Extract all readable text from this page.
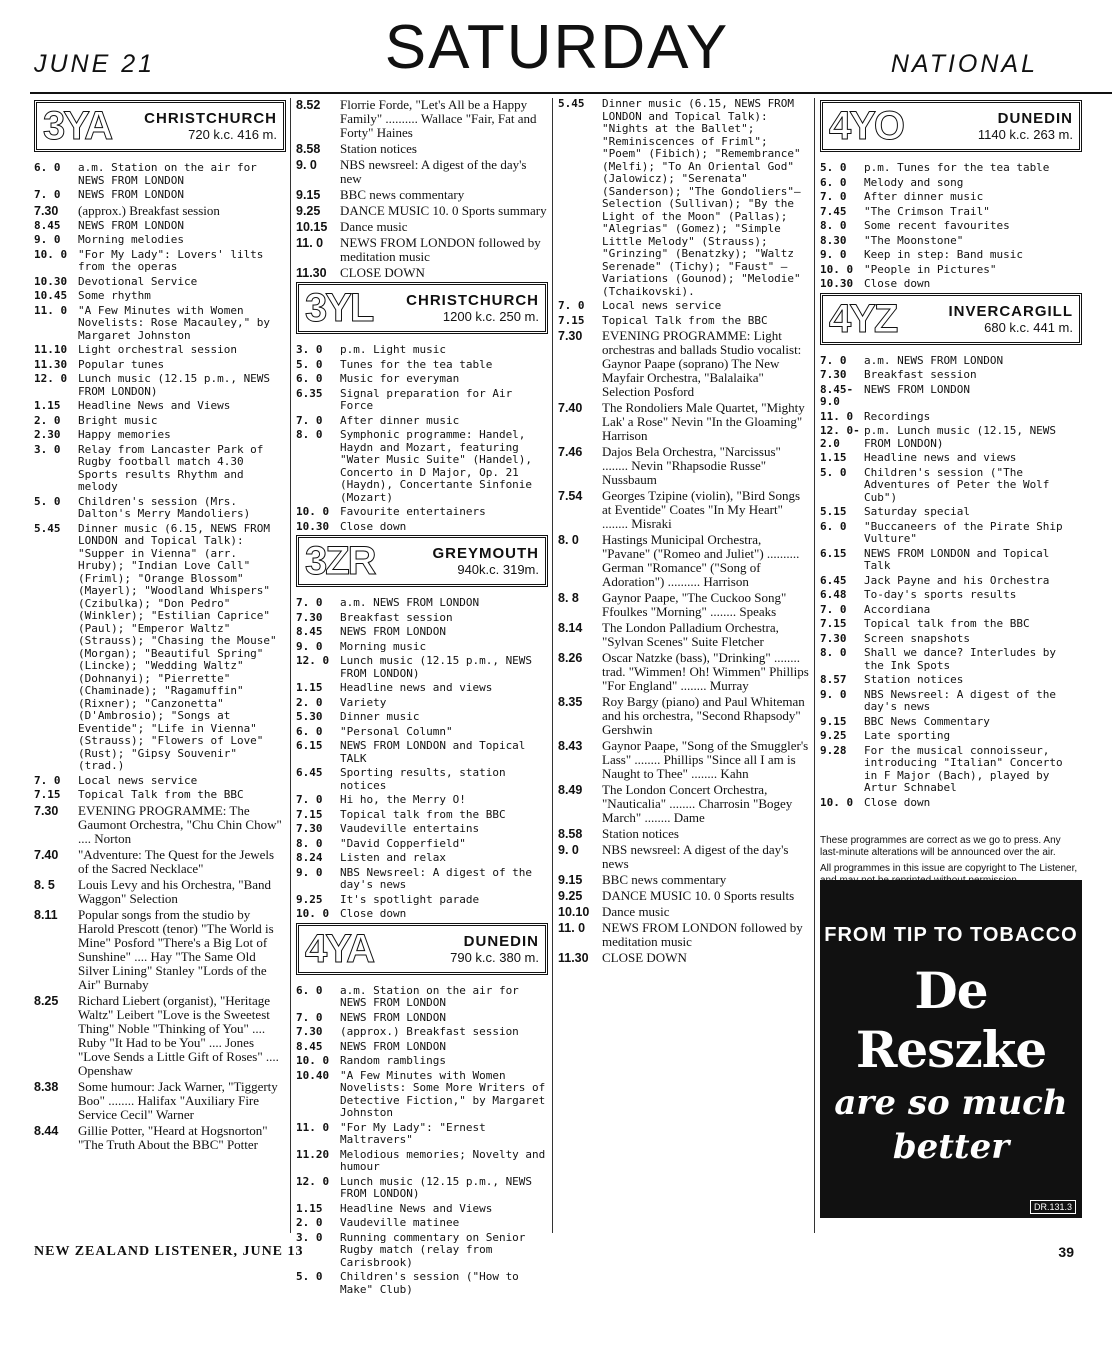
JUNE 21	SATURDAY	NATIONAL
3YA CHRISTCHURCH
720 k.c. 416 m.
6. 0	a.m. Station on the air for NEWS FROM LONDON
7. 0	NEWS FROM LONDON
7.30	(approx.) Breakfast session
8.45	NEWS FROM LONDON
9. 0	Morning melodies
10. 0 "For My Lady": Lovers' lilts from the operas
10.30 Devotional Service
10.45 Some rhythm
11. 0 "A Few Minutes with Women Novelists: Rose Macauley," by Margaret Johnston
11.10 Light orchestral session
11.30 Popular tunes
12. 0 Lunch music (12.15 p.m., NEWS FROM LONDON)
1.15	Headline News and Views
2. 0	Bright music
2.30	Happy memories
3. 0	Relay from Lancaster Park of Rugby football match 4.30 Sports results Rhythm and melody
5. 0	Children's session (Mrs. Dalton's Merry Mandoliers)
5.45	Dinner music (6.15, NEWS FROM LONDON and Topical Talk): "Supper in Vienna" (arr. Hruby); "Indian Love Call" (Friml); "Orange Blossom" (Mayerl); "Woodland Whispers" (Czibulka); "Don Pedro" (Winkler); "Estilian Caprice" (Paul); "Emperor Waltz" (Strauss); "Chasing the Mouse" (Morgan); "Beautiful Spring" (Lincke); "Wedding Waltz" (Dohnanyi); "Pierrette" (Chaminade); "Ragamuffin" (Rixner); "Canzonetta" (D'Ambrosio); "Songs at Eventide"; "Life in Vienna" (Strauss); "Flowers of Love" (Rust); "Gipsy Souvenir" (trad.)
7. 0	Local news service
7.15	Topical Talk from the BBC
7.30	EVENING PROGRAMME: The Gaumont Orchestra, "Chu Chin Chow" .... Norton
7.40	"Adventure: The Quest for the Jewels of the Sacred Necklace"
8. 5	Louis Levy and his Orchestra, "Band Waggon" Selection
8.11	Popular songs from the studio by Harold Prescott (tenor) "The World is Mine" Posford "There's a Big Lot of Sunshine" .... Hay "The Same Old Silver Lining" Stanley "Lords of the Air" Burnaby
8.25	Richard Liebert (organist), "Heritage Waltz" Leibert "Love is the Sweetest Thing" Noble "Thinking of You" .... Ruby "It Had to be You" .... Jones "Love Sends a Little Gift of Roses" .... Openshaw
8.38	Some humour: Jack Warner, "Tiggerty Boo" ........ Halifax "Auxiliary Fire Service Cecil" Warner
8.44	Gillie Potter, "Heard at Hogsnorton" "The Truth About the BBC" Potter
8.52	Florrie Forde, "Let's All be a Happy Family" .......... Wallace "Fair, Fat and Forty" Haines
8.58	Station notices
9. 0	NBS newsreel: A digest of the day's new
9.15	BBC news commentary
9.25	DANCE MUSIC 10. 0 Sports summary
10.15 Dance music
11. 0	NEWS FROM LONDON followed by meditation music
11.30	CLOSE DOWN
3YL CHRISTCHURCH
1200 k.c. 250 m.
3. 0	p.m. Light music
5. 0	Tunes for the tea table
6. 0	Music for everyman
6.35	Signal preparation for Air Force
7. 0	After dinner music
8. 0	Symphonic programme: Handel, Haydn and Mozart, featuring "Water Music Suite" (Handel), Concerto in D Major, Op. 21 (Haydn), Concertante Sinfonie (Mozart)
10. 0 Favourite entertainers
10.30 Close down
3ZR	GREYMOUTH
940k.c. 319m.
7. 0	a.m. NEWS FROM LONDON
7.30	Breakfast session
8.45	NEWS FROM LONDON
9. 0	Morning music
12. 0 Lunch music (12.15 p.m., NEWS FROM LONDON)
1.15	Headline news and views
2. 0	Variety
5.30	Dinner music
6. 0	"Personal Column"
6.15	NEWS FROM LONDON and Topical TALK
6.45	Sporting results, station notices
7. 0	Hi ho, the Merry O!
7.15	Topical talk from the BBC
7.30	Vaudeville entertains
8. 0	"David Copperfield"
8.24	Listen and relax
9. 0	NBS Newsreel: A digest of the day's news
9.25	It's spotlight parade
10. 0 Close down
4YA	DUNEDIN
790 k.c. 380 m.
6. 0	a.m. Station on the air for NEWS FROM LONDON
7. 0	NEWS FROM LONDON
7.30	(approx.) Breakfast session
8.45	NEWS FROM LONDON
10. 0 Random ramblings
10.40 "A Few Minutes with Women Novelists: Some More Writers of Detective Fiction," by Margaret Johnston
11. 0 "For My Lady": "Ernest Maltravers"
11.20 Melodious memories; Novelty and humour
12. 0 Lunch music (12.15 p.m., NEWS FROM LONDON)
1.15	Headline News and Views
2. 0	Vaudeville matinee
3. 0	Running commentary on Senior Rugby match (relay from Carisbrook)
5. 0	Children's session ("How to Make" Club)
5.45	Dinner music (6.15, NEWS FROM LONDON and Topical Talk): "Nights at the Ballet"; "Reminiscences of Friml"; "Poem" (Fibich); "Remembrance" (Melfi); "To An Oriental God" (Jalowicz); "Serenata" (Sanderson); "The Gondoliers"—Selection (Sullivan); "By the Light of the Moon" (Pallas); "Alegrias" (Gomez); "Simple Little Melody" (Strauss); "Grinzing" (Benatzky); "Waltz Serenade" (Tichy); "Faust" — Variations (Gounod); "Melodie" (Tchaikovski).
7. 0	Local news service
7.15	Topical Talk from the BBC
7.30	EVENING PROGRAMME: Light orchestras and ballads Studio vocalist: Gaynor Paape (soprano) The New Mayfair Orchestra, "Balalaika" Selection Posford
7.40	The Rondoliers Male Quartet, "Mighty Lak' a Rose" Nevin "In the Gloaming" Harrison
7.46	Dajos Bela Orchestra, "Narcissus" ........ Nevin "Rhapsodie Russe" Nussbaum
7.54	Georges Tzipine (violin), "Bird Songs at Eventide" Coates "In My Heart" ........ Misraki
8. 0	Hastings Municipal Orchestra, "Pavane" ("Romeo and Juliet") .......... German "Romance" ("Song of Adoration") .......... Harrison
8. 8	Gaynor Paape, "The Cuckoo Song" Ffoulkes "Morning" ........ Speaks
8.14	The London Palladium Orchestra, "Sylvan Scenes" Suite Fletcher
8.26	Oscar Natzke (bass), "Drinking" ........ trad. "Wimmen! Oh! Wimmen" Phillips "For England" ........ Murray
8.35	Roy Bargy (piano) and Paul Whiteman and his orchestra, "Second Rhapsody" Gershwin
8.43	Gaynor Paape, "Song of the Smuggler's Lass" ........ Phillips "Since all I am is Naught to Thee" ........ Kahn
8.49	The London Concert Orchestra, "Nauticalia" ........ Charrosin "Bogey March" ........ Dame
8.58	Station notices
9. 0	NBS newsreel: A digest of the day's news
9.15	BBC news commentary
9.25	DANCE MUSIC 10. 0 Sports results
10.10 Dance music
11. 0	NEWS FROM LONDON followed by meditation music
11.30	CLOSE DOWN
4YO	DUNEDIN
1140 k.c. 263 m.
5. 0	p.m. Tunes for the tea table
6. 0	Melody and song
7. 0	After dinner music
7.45	"The Crimson Trail"
8. 0	Some recent favourites
8.30	"The Moonstone"
9. 0	Keep in step: Band music
10. 0 "People in Pictures"
10.30 Close down
4YZ	INVERCARGILL
680 k.c. 441 m.
7. 0	a.m. NEWS FROM LONDON
7.30	Breakfast session
8.45-9.0
NEWS FROM LONDON
11. 0 Recordings
12. 0-2.0
p.m. Lunch music (12.15, NEWS FROM LONDON)
1.15	Headline news and views
5. 0	Children's session ("The Adventures of Peter the Wolf Cub")
5.15	Saturday special
6. 0	"Buccaneers of the Pirate Ship Vulture"
6.15	NEWS FROM LONDON and Topical Talk
6.45	Jack Payne and his Orchestra
6.48	To-day's sports results
7. 0	Accordiana
7.15	Topical talk from the BBC
7.30	Screen snapshots
8. 0	Shall we dance? Interludes by the Ink Spots
8.57	Station notices
9. 0	NBS Newsreel: A digest of the day's news
9.15	BBC News Commentary
9.25	Late sporting
9.28	For the musical connoisseur, introducing "Italian" Concerto in F Major (Bach), played by Artur Schnabel
10. 0 Close down
These programmes are correct as we go to press. Any last-minute alterations will be announced over the air.
All programmes in this issue are copyright to The Listener,
FROM TIP TO TOBACCO
De Reszke
are so much
better
DR.131.3
NEW ZEALAND LISTENER, JUNE 13	39
